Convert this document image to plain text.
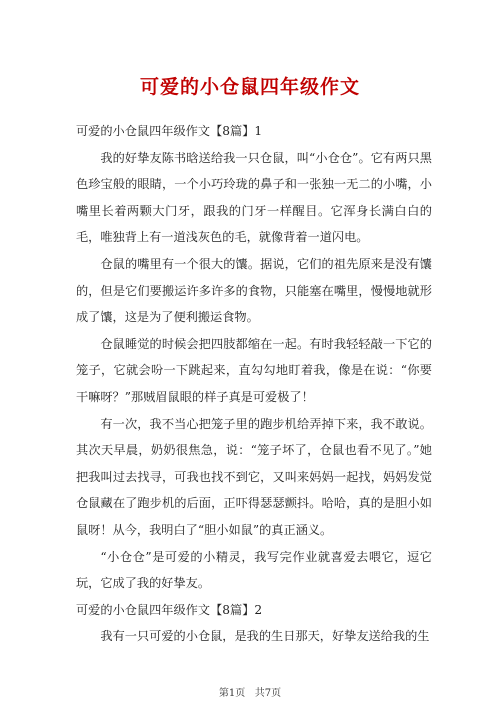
可爱的小仓鼠四年级作文

可爱的小仓鼠四年级作文【8篇】1

我的好挚友陈书晗送给我一只仓鼠，叫“小仓仓”。它有两只黑色珍宝般的眼睛，一个小巧玲珑的鼻子和一张独一无二的小嘴，小嘴里长着两颗大门牙，跟我的门牙一样醒目。它浑身长满白白的毛，唯独背上有一道浅灰色的毛，就像背着一道闪电。

仓鼠的嘴里有一个很大的馕。据说，它们的祖先原来是没有馕的，但是它们要搬运许多许多的食物，只能塞在嘴里，慢慢地就形成了馕，这是为了便利搬运食物。

仓鼠睡觉的时候会把四肢都缩在一起。有时我轻轻敲一下它的笼子，它就会吩一下跳起来，直勾勾地盯着我，像是在说：“你要干嘛呀？”那贼眉鼠眼的样子真是可爱极了！

有一次，我不当心把笼子里的跑步机给弄掉下来，我不敢说。其次天早晨，奶奶很焦急，说：“笼子坏了，仓鼠也看不见了。”她把我叫过去找寻，可我也找不到它，又叫来妈妈一起找，妈妈发觉仓鼠藏在了跑步机的后面，正吓得瑟瑟颤抖。哈哈，真的是胆小如鼠呀！从今，我明白了“胆小如鼠”的真正涵义。

“小仓仓”是可爱的小精灵，我写完作业就喜爱去喂它，逗它玩，它成了我的好挚友。

可爱的小仓鼠四年级作文【8篇】2

我有一只可爱的小仓鼠，是我的生日那天，好挚友送给我的生

第1页 共7页
